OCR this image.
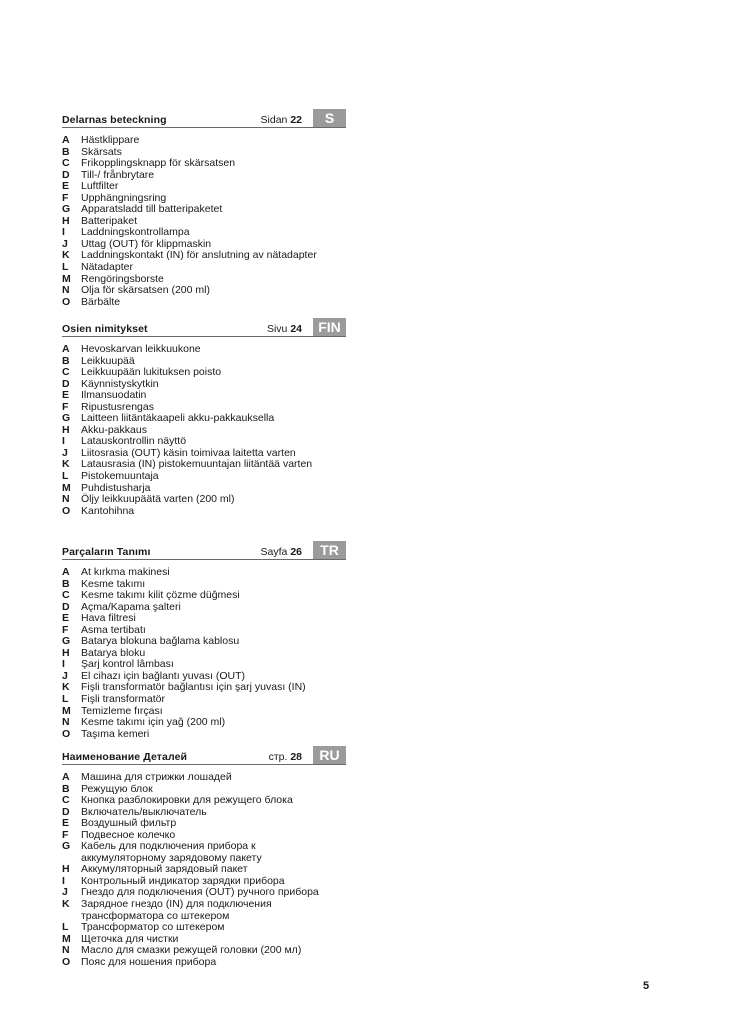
Delarnas beteckning	Sidan 22	S
A	Hästklippare
B	Skärsats
C	Frikopplingsknapp för skärsatsen
D	Till-/ frånbrytare
E	Luftfilter
F	Upphängningsring
G	Apparatsladd till batteripaketet
H	Batteripaket
I	Laddningskontrollampa
J	Uttag (OUT) för klippmaskin
K	Laddningskontakt (IN) för anslutning av nätadapter
L	Nätadapter
M Rengöringsborste
N	Olja för skärsatsen (200 ml)
O	Bärbälte
Osien nimitykset	Sivu 24	FIN
A	Hevoskarvan leikkuukone
B	Leikkuupää
C	Leikkuupään lukituksen poisto
D	Käynnistyskytkin
E	Ilmansuodatin
F	Ripustusrengas
G	Laitteen liitäntäkaapeli akku-pakkauksella
H	Akku-pakkaus
I	Latauskontrollin näyttö
J	Liitosrasia (OUT) käsin toimivaa laitetta varten
K	Latausrasia (IN) pistokemuuntajan liitäntää varten
L	Pistokemuuntaja
M Puhdistusharja
N	Öljy leikkuupäätä varten (200 ml)
O	Kantohihna
Parçaların Tanımı	Sayfa 26	TR
A	At kırkma makinesi
B	Kesme takımı
C	Kesme takımı kilit çözme düğmesi
D	Açma/Kapama şalteri
E	Hava filtresi
F	Asma tertibatı
G	Batarya blokuna bağlama kablosu
H	Batarya bloku
I	Şarj kontrol lâmbası
J	El cihazı için bağlantı yuvası (OUT)
K	Fişli transformatör bağlantısı için şarj yuvası (IN)
L	Fişli transformatör
M Temizleme fırçası
N	Kesme takımı için yağ (200 ml)
O	Taşıma kemeri
Наименование Деталей	стр. 28	RU
A	Машина для стрижки лошадей
B	Режущую блок
C	Кнопка разблокировки для режущего блока
D	Включатель/выключатель
E	Воздушный фильтр
F	Подвесное колечко
G	Кабель для подключения прибора к
аккумуляторному зарядовому пакету
H	Аккумуляторный зарядовый пакет
I	Контрольный индикатор зарядки прибора
J	Гнездо для подключения (OUT) ручного прибора
K	Зарядное гнездо (IN) для подключения
трансформатора со штекером
L	Трансформатор со штекером
M Щеточка для чистки
N	Масло для смазки режущей головки (200 мл)
O	Пояс для ношения прибора
5
